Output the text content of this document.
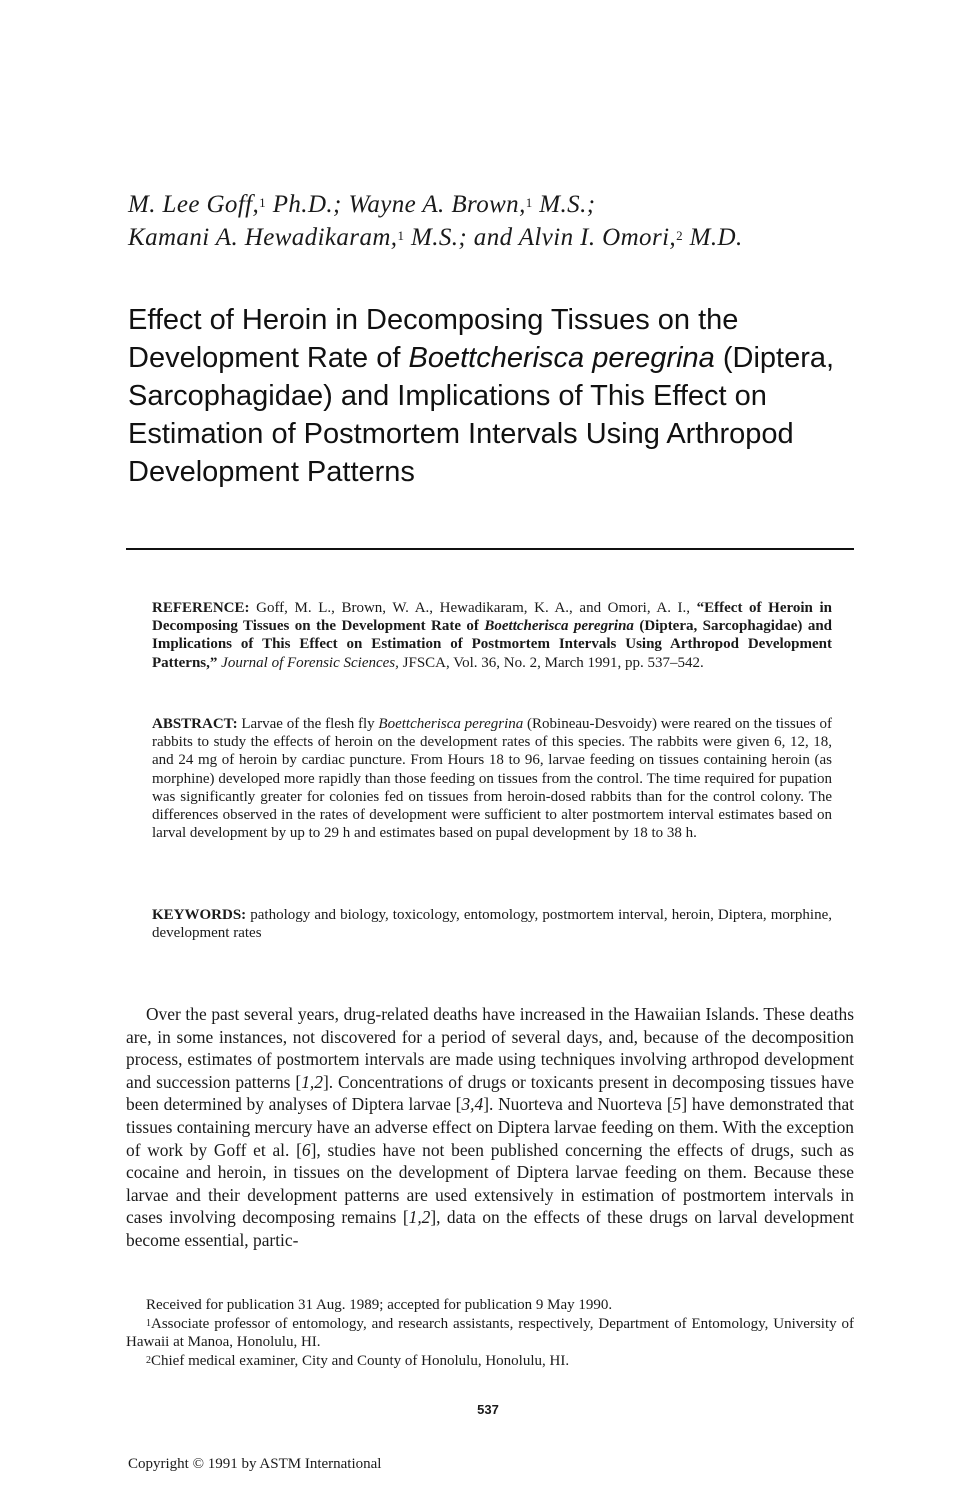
M. Lee Goff,$^1$ Ph.D.; Wayne A. Brown,$^1$ M.S.;
Kamani A. Hewadikaram,$^1$ M.S.; and Alvin I. Omori,$^2$ M.D.
Effect of Heroin in Decomposing Tissues on the Development Rate of Boettcherisca peregrina (Diptera, Sarcophagidae) and Implications of This Effect on Estimation of Postmortem Intervals Using Arthropod Development Patterns
REFERENCE: Goff, M. L., Brown, W. A., Hewadikaram, K. A., and Omori, A. I., “Effect of Heroin in Decomposing Tissues on the Development Rate of Boettcherisca peregrina (Diptera, Sarcophagidae) and Implications of This Effect on Estimation of Postmortem Intervals Using Arthropod Development Patterns,” Journal of Forensic Sciences, JFSCA, Vol. 36, No. 2, March 1991, pp. 537–542.
ABSTRACT: Larvae of the flesh fly Boettcherisca peregrina (Robineau-Desvoidy) were reared on the tissues of rabbits to study the effects of heroin on the development rates of this species. The rabbits were given 6, 12, 18, and 24 mg of heroin by cardiac puncture. From Hours 18 to 96, larvae feeding on tissues containing heroin (as morphine) developed more rapidly than those feeding on tissues from the control. The time required for pupation was significantly greater for colonies fed on tissues from heroin-dosed rabbits than for the control colony. The differences observed in the rates of development were sufficient to alter postmortem interval estimates based on larval development by up to 29 h and estimates based on pupal development by 18 to 38 h.
KEYWORDS: pathology and biology, toxicology, entomology, postmortem interval, heroin, Diptera, morphine, development rates
Over the past several years, drug-related deaths have increased in the Hawaiian Islands. These deaths are, in some instances, not discovered for a period of several days, and, because of the decomposition process, estimates of postmortem intervals are made using techniques involving arthropod development and succession patterns [1,2]. Concentrations of drugs or toxicants present in decomposing tissues have been determined by analyses of Diptera larvae [3,4]. Nuorteva and Nuorteva [5] have demonstrated that tissues containing mercury have an adverse effect on Diptera larvae feeding on them. With the exception of work by Goff et al. [6], studies have not been published concerning the effects of drugs, such as cocaine and heroin, in tissues on the development of Diptera larvae feeding on them. Because these larvae and their development patterns are used extensively in estimation of postmortem intervals in cases involving decomposing remains [1,2], data on the effects of these drugs on larval development become essential, partic-

Received for publication 31 Aug. 1989; accepted for publication 9 May 1990.

$^1$Associate professor of entomology, and research assistants, respectively, Department of Entomology, University of Hawaii at Manoa, Honolulu, HI.

$^2$Chief medical examiner, City and County of Honolulu, Honolulu, HI.

537
Copyright © 1991 by ASTM International
